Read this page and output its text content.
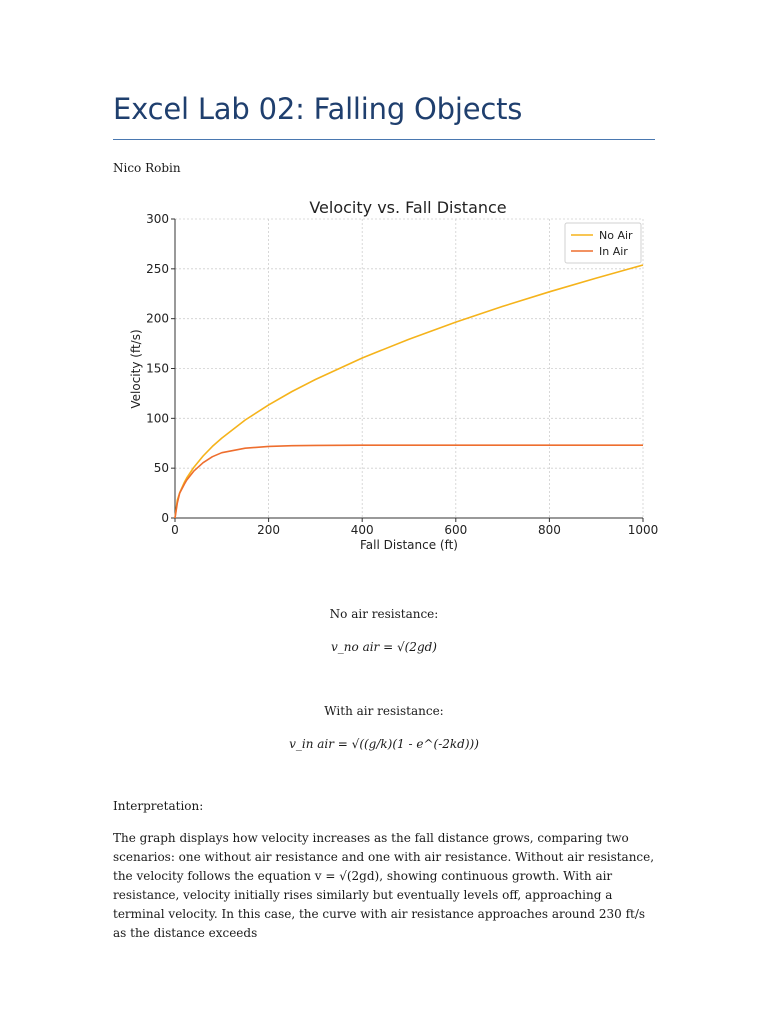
Excel Lab 02: Falling Objects
Nico Robin
0	200	400	600	800	1000
0
50
100
150
200
250
300
Velocity vs. Fall Distance
Fall Distance (ft)
Velocity (ft/s)
No Air
In Air
No air resistance:
v_no air = √(2gd)
With air resistance:
v_in air = √((g/k)(1 - e^(-2kd)))
Interpretation:

The graph displays how velocity increases as the fall distance grows, comparing two scenarios: one without air resistance and one with air resistance. Without air resistance, the velocity follows the equation v = √(2gd), showing continuous growth. With air resistance, velocity initially rises similarly but eventually levels off, approaching a terminal velocity. In this case, the curve with air resistance approaches around 230 ft/s as the distance exceeds
